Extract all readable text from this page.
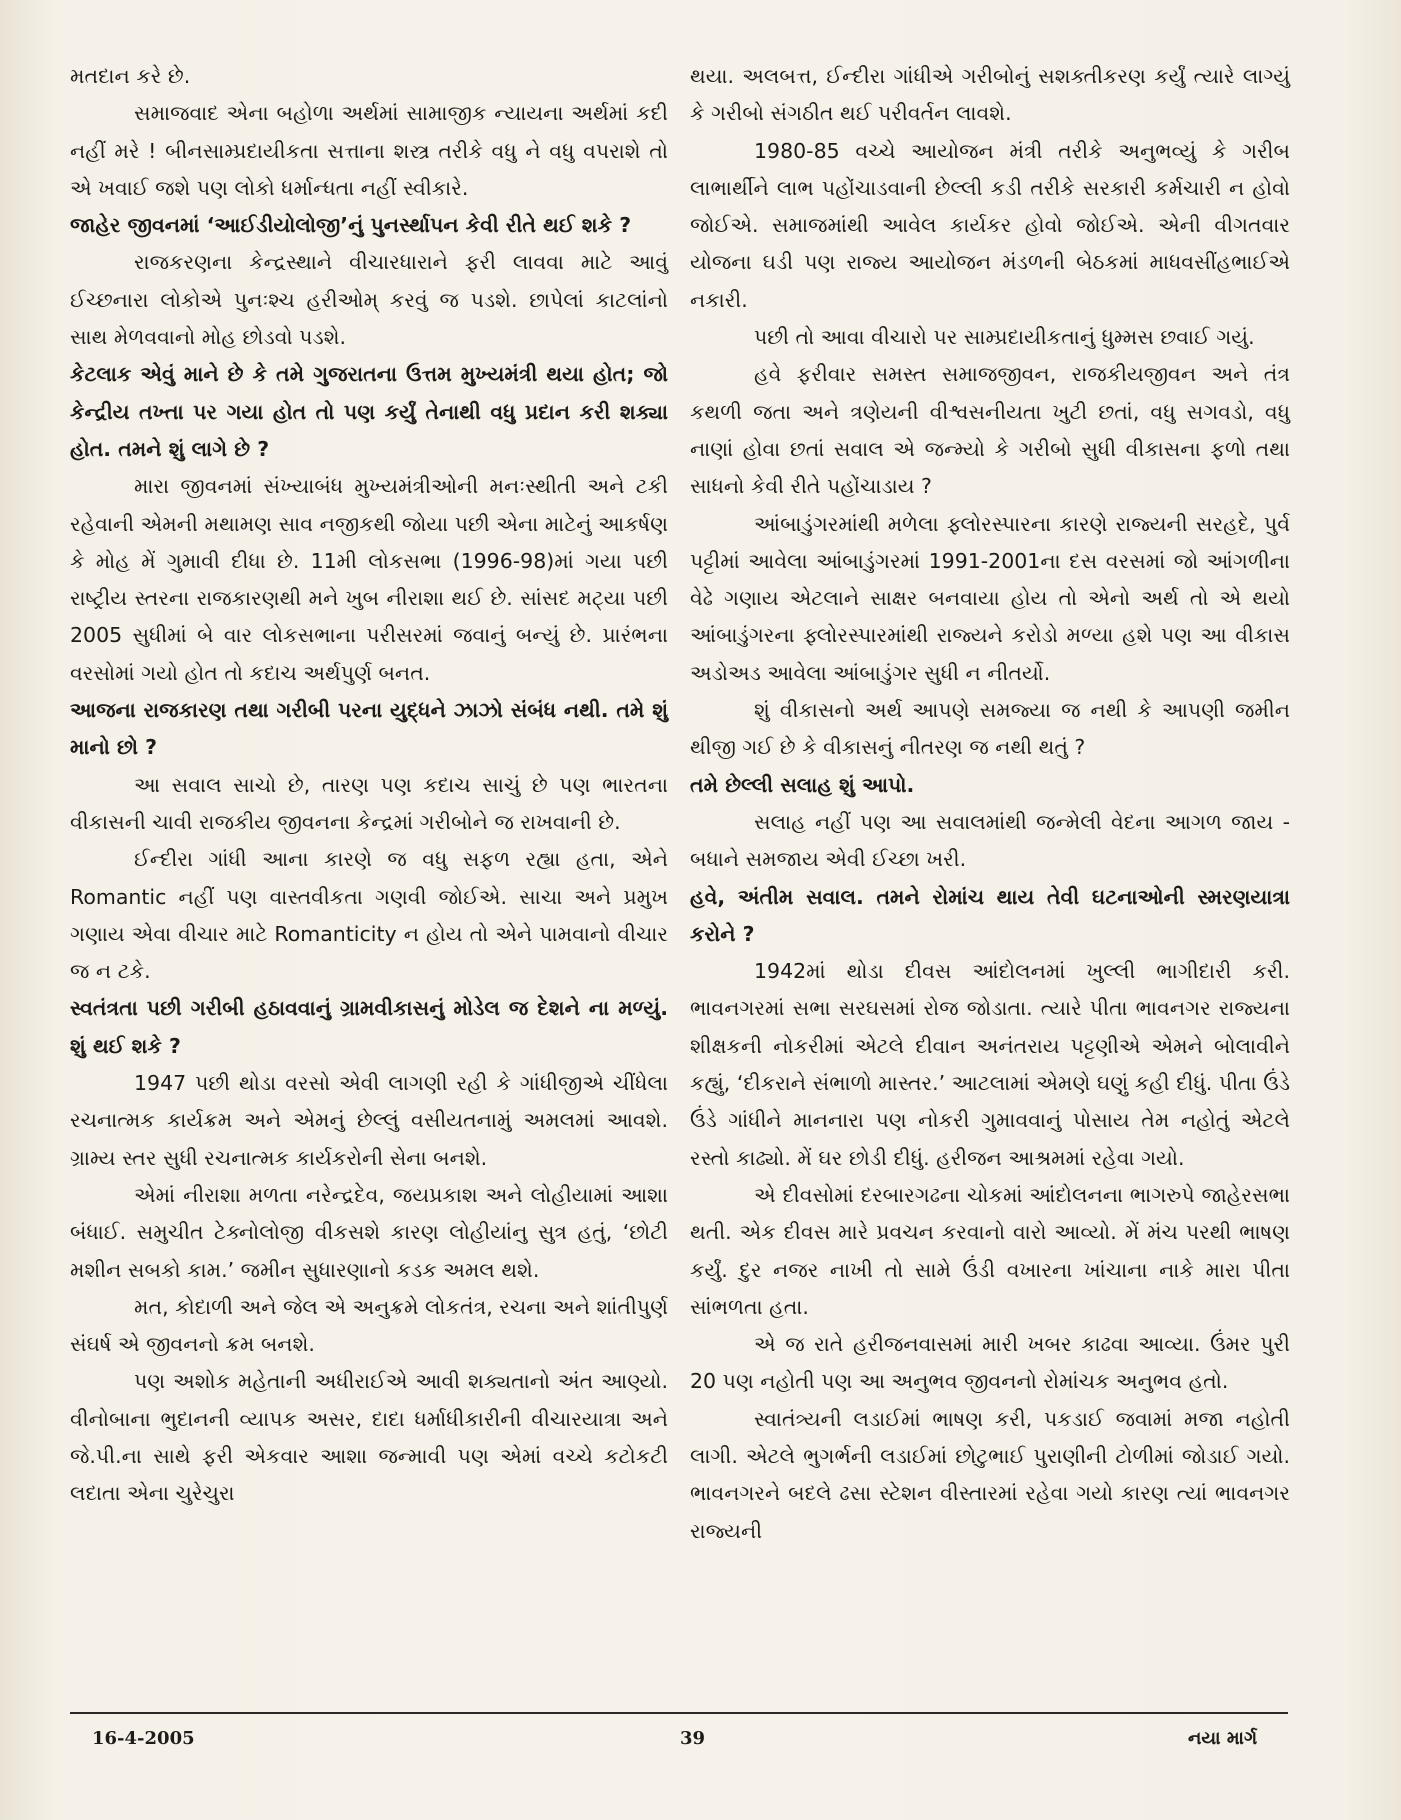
મતદાન કરે છે.

સમાજવાદ એના બહોળા અર્થમાં સામાજીક ન્યાયના અર્થમાં કદી નહીં મરે ! બીનસામ્પ્રદાયીકતા સત્તાના શસ્ત્ર તરીકે વધુ ને વધુ વપરાશે તો એ ખવાઈ જશે પણ લોકો ધર્માન્ધતા નહીં સ્વીકારે.

જાહેર જીવનમાં ‘આઈડીયોલોજી’નું પુનર્સ્થાપન કેવી રીતે થઈ શકે ?

રાજકરણના કેન્દ્રસ્થાને વીચારધારાને ફરી લાવવા માટે આવું ઈચ્છનારા લોકોએ પુનઃશ્ચ હરીઓમ્ કરવું જ પડશે. છાપેલાં કાટલાંનો સાથ મેળવવાનો મોહ છોડવો પડશે.

કેટલાક એવું માને છે કે તમે ગુજરાતના ઉત્તમ મુખ્યમંત્રી થયા હોત; જો કેન્દ્રીય તખ્તા પર ગયા હોત તો પણ કર્યું તેનાથી વધુ પ્રદાન કરી શક્યા હોત. તમને શું લાગે છે ?

મારા જીવનમાં સંખ્યાબંધ મુખ્યમંત્રીઓની મનઃસ્થીતી અને ટકી રહેવાની એમની મથામણ સાવ નજીકથી જોયા પછી એના માટેનું આકર્ષણ કે મોહ મેં ગુમાવી દીધા છે. 11મી લોકસભા (1996-98)માં ગયા પછી રાષ્ટ્રીય સ્તરના રાજકારણથી મને ખુબ નીરાશા થઈ છે. સાંસદ મટ્યા પછી 2005 સુધીમાં બે વાર લોકસભાના પરીસરમાં જવાનું બન્યું છે. પ્રારંભના વરસોમાં ગયો હોત તો કદાચ અર્થપુર્ણ બનત.

આજના રાજકારણ તથા ગરીબી પરના યુદ્ધને ઝાઝો સંબંધ નથી. તમે શું માનો છો ?

આ સવાલ સાચો છે, તારણ પણ કદાચ સાચું છે પણ ભારતના વીકાસની ચાવી રાજકીય જીવનના કેન્દ્રમાં ગરીબોને જ રાખવાની છે.

ઈન્દીરા ગાંધી આના કારણે જ વધુ સફળ રહ્યા હતા, એને Romantic નહીં પણ વાસ્તવીકતા ગણવી જોઈએ. સાચા અને પ્રમુખ ગણાય એવા વીચાર માટે Romanticity ન હોય તો એને પામવાનો વીચાર જ ન ટકે.

સ્વતંત્રતા પછી ગરીબી હઠાવવાનું ગ્રામવીકાસનું મોડેલ જ દેશને ના મળ્યું. શું થઈ શકે ?

1947 પછી થોડા વરસો એવી લાગણી રહી કે ગાંધીજીએ ચીંધેલા રચનાત્મક કાર્યક્રમ અને એમનું છેલ્લું વસીયતનામું અમલમાં આવશે. ગ્રામ્ય સ્તર સુધી રચનાત્મક કાર્યકરોની સેના બનશે.

એમાં નીરાશા મળતા નરેન્દ્રદેવ, જયપ્રકાશ અને લોહીયામાં આશા બંધાઈ. સમુચીત ટેક્નોલોજી વીકસશે કારણ લોહીયાંનુ સુત્ર હતું, ‘છોટી મશીન સબકો કામ.’ જમીન સુધારણાનો કડક અમલ થશે.

મત, કોદાળી અને જેલ એ અનુક્રમે લોકતંત્ર, રચના અને શાંતીપુર્ણ સંઘર્ષ એ જીવનનો ક્રમ બનશે.

પણ અશોક મહેતાની અધીરાઈએ આવી શક્યતાનો અંત આણ્યો. વીનોબાના ભુદાનની વ્યાપક અસર, દાદા ધર્માધીકારીની વીચારયાત્રા અને જે.પી.ના સાથે ફરી એકવાર આશા જન્માવી પણ એમાં વચ્ચે કટોકટી લદાતા એના ચુરેચુરા

થયા. અલબત્ત, ઈન્દીરા ગાંધીએ ગરીબોનું સશક્તીકરણ કર્યું ત્યારે લાગ્યું કે ગરીબો સંગઠીત થઈ પરીવર્તન લાવશે.

1980-85 વચ્ચે આયોજન મંત્રી તરીકે અનુભવ્યું કે ગરીબ લાભાર્થીને લાભ પહોંચાડવાની છેલ્લી કડી તરીકે સરકારી કર્મચારી ન હોવો જોઈએ. સમાજમાંથી આવેલ કાર્યકર હોવો જોઈએ. એની વીગતવાર યોજના ઘડી પણ રાજ્ય આયોજન મંડળની બેઠકમાં માધવસીંહભાઈએ નકારી.

પછી તો આવા વીચારો પર સામ્પ્રદાયીકતાનું ધુમ્મસ છવાઈ ગયું.

હવે ફરીવાર સમસ્ત સમાજજીવન, રાજકીયજીવન અને તંત્ર કથળી જતા અને ત્રણેયની વીશ્વસનીયતા ખુટી છતાં, વધુ સગવડો, વધુ નાણાં હોવા છતાં સવાલ એ જન્મ્યો કે ગરીબો સુધી વીકાસના ફળો તથા સાધનો કેવી રીતે પહોંચાડાય ?

આંબાડુંગરમાંથી મળેલા ફ્લોરસ્પારના કારણે રાજ્યની સરહદે, પુર્વ પટ્ટીમાં આવેલા આંબાડુંગરમાં 1991-2001ના દસ વરસમાં જો આંગળીના વેઢે ગણાય એટલાને સાક્ષર બનવાયા હોય તો એનો અર્થ તો એ થયો આંબાડુંગરના ફ્લોરસ્પારમાંથી રાજ્યને કરોડો મળ્યા હશે પણ આ વીકાસ અડોઅડ આવેલા આંબાડુંગર સુધી ન નીતર્યો.

શું વીકાસનો અર્થ આપણે સમજ્યા જ નથી કે આપણી જમીન થીજી ગઈ છે કે વીકાસનું નીતરણ જ નથી થતું ?

તમે છેલ્લી સલાહ શું આપો.

સલાહ નહીં પણ આ સવાલમાંથી જન્મેલી વેદના આગળ જાય - બધાને સમજાય એવી ઈચ્છા ખરી.

હવે, અંતીમ સવાલ. તમને રોમાંચ થાય તેવી ઘટનાઓની સ્મરણયાત્રા કરોને ?

1942માં થોડા દીવસ આંદોલનમાં ખુલ્લી ભાગીદારી કરી. ભાવનગરમાં સભા સરઘસમાં રોજ જોડાતા. ત્યારે પીતા ભાવનગર રાજ્યના શીક્ષકની નોકરીમાં એટલે દીવાન અનંતરાય પટ્ટણીએ એમને બોલાવીને કહ્યું, ‘દીકરાને સંભાળો માસ્તર.’ આટલામાં એમણે ઘણું કહી દીધું. પીતા ઉંડે ઉંડે ગાંધીને માનનારા પણ નોકરી ગુમાવવાનું પોસાય તેમ નહોતું એટલે રસ્તો કાઢ્યો. મેં ઘર છોડી દીધું. હરીજન આશ્રમમાં રહેવા ગયો.

એ દીવસોમાં દરબારગઢના ચોકમાં આંદોલનના ભાગરુપે જાહેરસભા થતી. એક દીવસ મારે પ્રવચન કરવાનો વારો આવ્યો. મેં મંચ પરથી ભાષણ કર્યું. દુર નજર નાખી તો સામે ઉંડી વખારના ખાંચાના નાકે મારા પીતા સાંભળતા હતા.

એ જ રાતે હરીજનવાસમાં મારી ખબર કાઢવા આવ્યા. ઉંમર પુરી 20 પણ નહોતી પણ આ અનુભવ જીવનનો રોમાંચક અનુભવ હતો.

સ્વાતંત્ર્યની લડાઈમાં ભાષણ કરી, પકડાઈ જવામાં મજા નહોતી લાગી. એટલે ભુગર્ભની લડાઈમાં છોટુભાઈ પુરાણીની ટોળીમાં જોડાઈ ગયો. ભાવનગરને બદલે ઢસા સ્ટેશન વીસ્તારમાં રહેવા ગયો કારણ ત્યાં ભાવનગર રાજ્યની

16-4-2005	39	નયા માર્ગ
